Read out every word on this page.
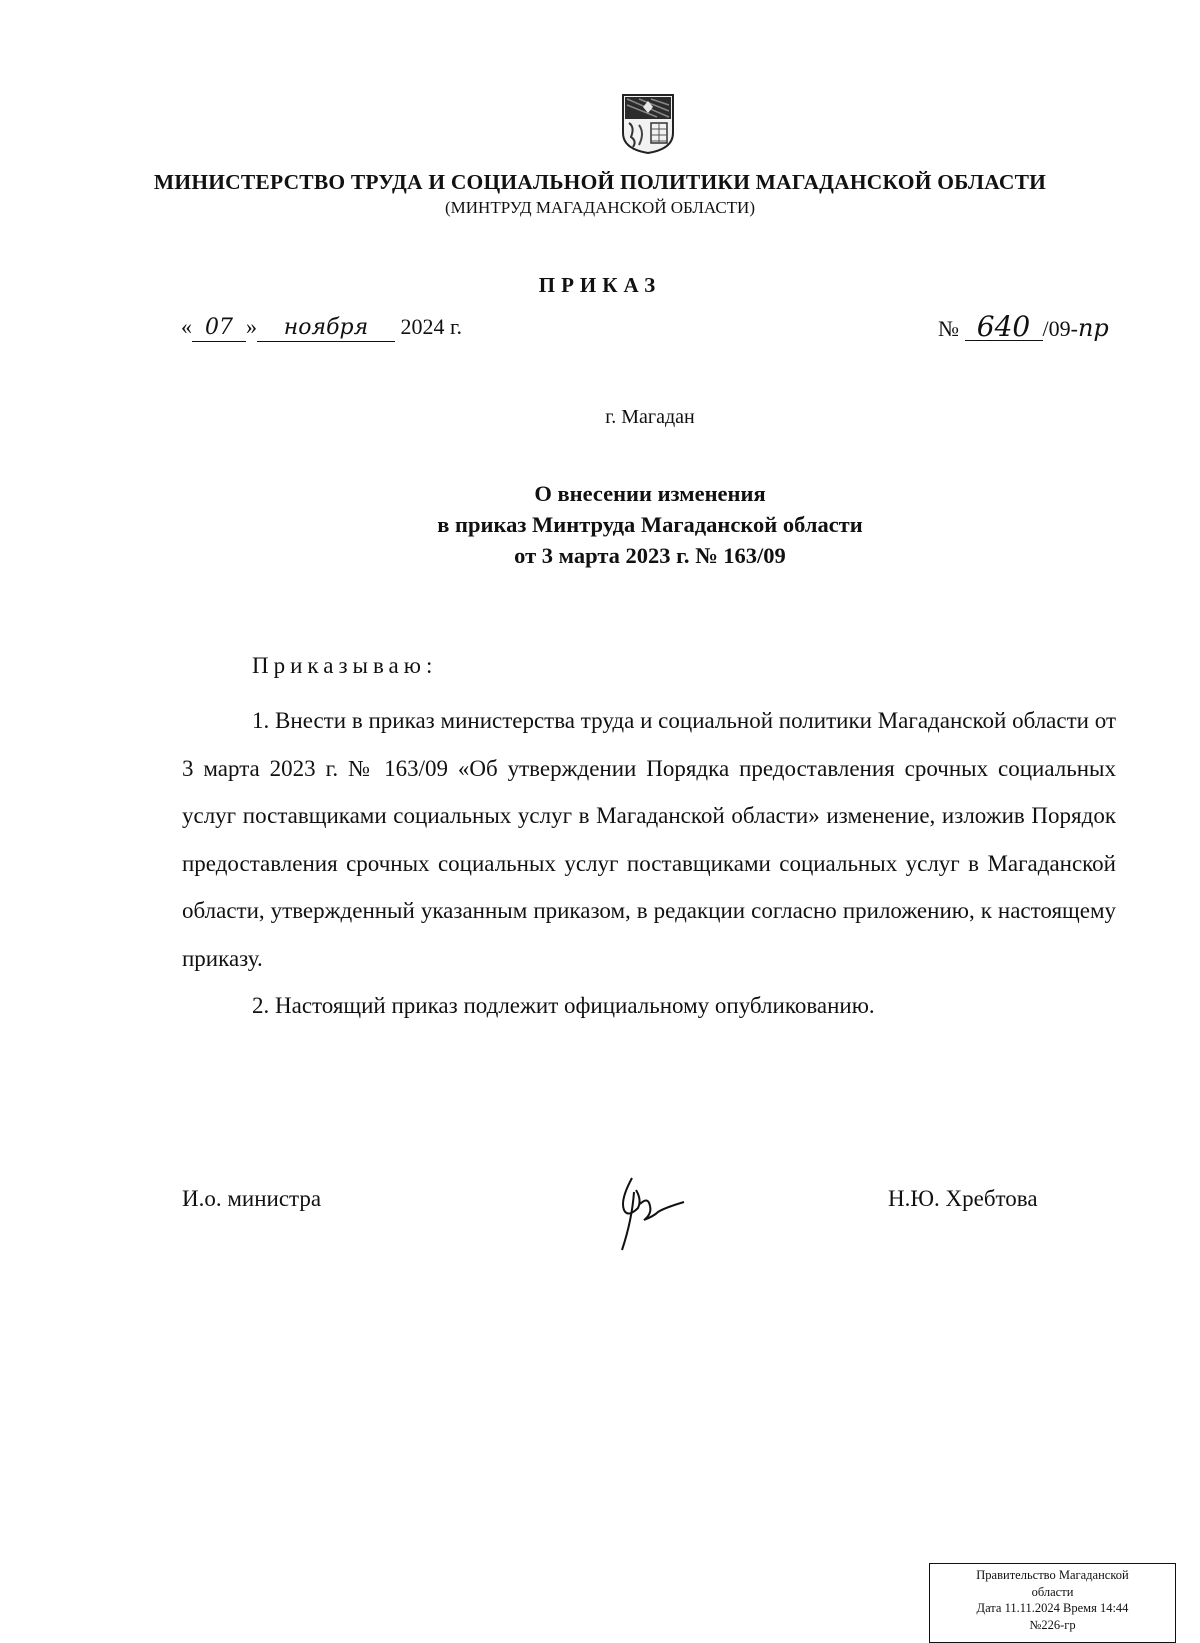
МИНИСТЕРСТВО ТРУДА И СОЦИАЛЬНОЙ ПОЛИТИКИ МАГАДАНСКОЙ ОБЛАСТИ
(МИНТРУД МАГАДАНСКОЙ ОБЛАСТИ)
ПРИКАЗ
« 07 » ноября 2024 г.	№ 640 /09-пр
г. Магадан
О внесении изменения
в приказ Минтруда Магаданской области
от 3 марта 2023 г. № 163/09
Приказываю:

1. Внести в приказ министерства труда и социальной политики Магаданской области от 3 марта 2023 г. № 163/09 «Об утверждении Порядка предоставления срочных социальных услуг поставщиками социальных услуг в Магаданской области» изменение, изложив Порядок предоставления срочных социальных услуг поставщиками социальных услуг в Магаданской области, утвержденный указанным приказом, в редакции согласно приложению, к настоящему приказу.

2. Настоящий приказ подлежит официальному опубликованию.

И.о. министра	Н.Ю. Хребтова
Правительство Магаданской
области
Дата 11.11.2024 Время 14:44
№226-гр
